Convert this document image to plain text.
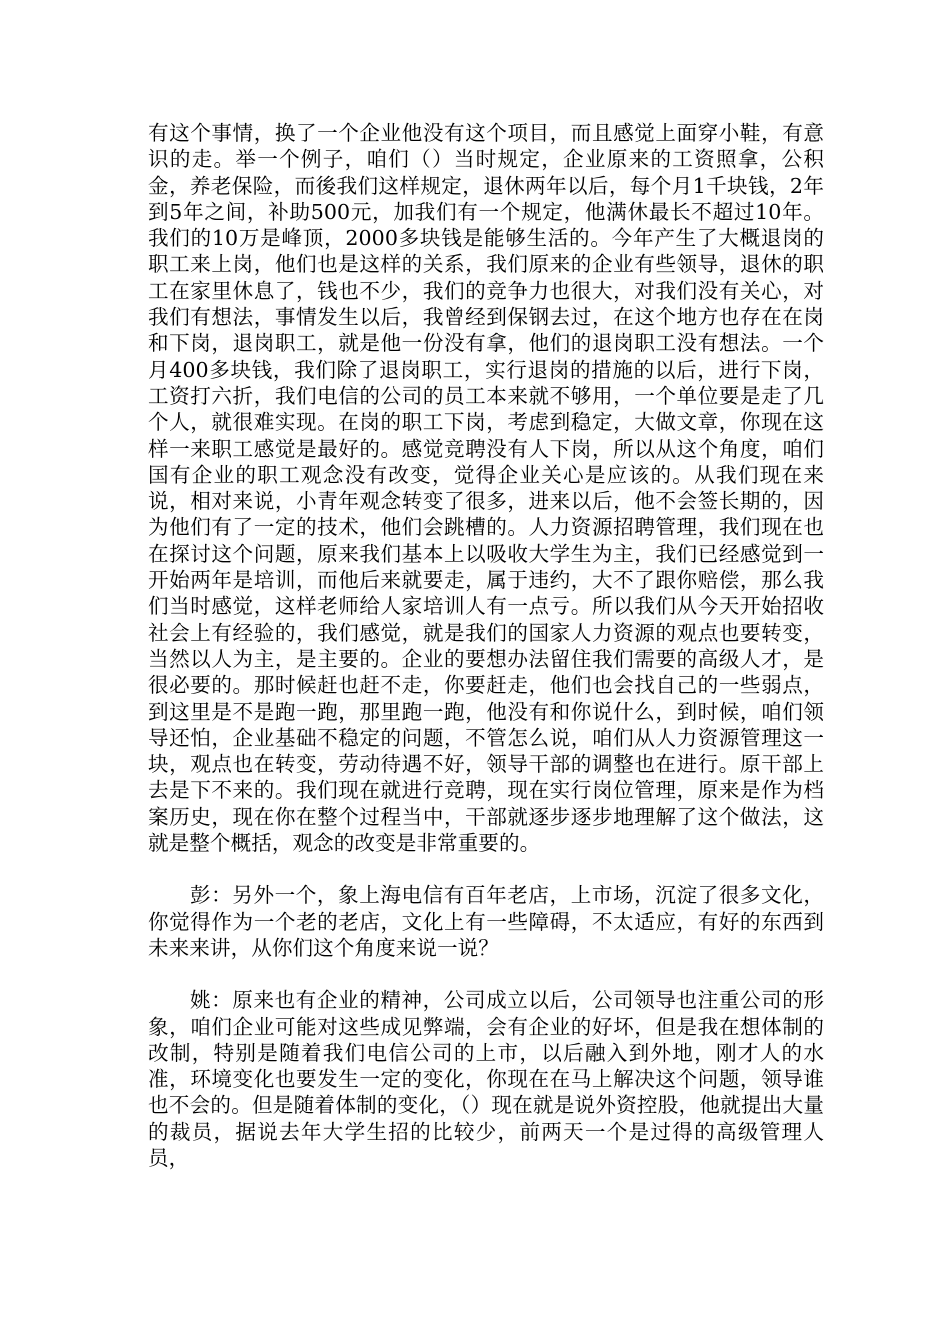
有这个事情，换了一个企业他没有这个项目，而且感觉上面穿小鞋，有意识的走。举一个例子，咱们（）当时规定，企业原来的工资照拿，公积金，养老保险，而後我们这样规定，退休两年以后，每个月1千块钱，2年到5年之间，补助500元，加我们有一个规定，他满休最长不超过10年。我们的10万是峰顶，2000多块钱是能够生活的。今年产生了大概退岗的职工来上岗，他们也是这样的关系，我们原来的企业有些领导，退休的职工在家里休息了，钱也不少，我们的竞争力也很大，对我们没有关心，对我们有想法，事情发生以后，我曾经到保钢去过，在这个地方也存在在岗和下岗，退岗职工，就是他一份没有拿，他们的退岗职工没有想法。一个月400多块钱，我们除了退岗职工，实行退岗的措施的以后，进行下岗，工资打六折，我们电信的公司的员工本来就不够用，一个单位要是走了几个人，就很难实现。在岗的职工下岗，考虑到稳定，大做文章，你现在这样一来职工感觉是最好的。感觉竞聘没有人下岗，所以从这个角度，咱们国有企业的职工观念没有改变，觉得企业关心是应该的。从我们现在来说，相对来说，小青年观念转变了很多，进来以后，他不会签长期的，因为他们有了一定的技术，他们会跳槽的。人力资源招聘管理，我们现在也在探讨这个问题，原来我们基本上以吸收大学生为主，我们已经感觉到一开始两年是培训，而他后来就要走，属于违约，大不了跟你赔偿，那么我们当时感觉，这样老师给人家培训人有一点亏。所以我们从今天开始招收社会上有经验的，我们感觉，就是我们的国家人力资源的观点也要转变，当然以人为主，是主要的。企业的要想办法留住我们需要的高级人才，是很必要的。那时候赶也赶不走，你要赶走，他们也会找自己的一些弱点，到这里是不是跑一跑，那里跑一跑，他没有和你说什么，到时候，咱们领导还怕，企业基础不稳定的问题，不管怎么说，咱们从人力资源管理这一块，观点也在转变，劳动待遇不好，领导干部的调整也在进行。原干部上去是下不来的。我们现在就进行竞聘，现在实行岗位管理，原来是作为档案历史，现在你在整个过程当中，干部就逐步逐步地理解了这个做法，这就是整个概括，观念的改变是非常重要的。

彭：另外一个，象上海电信有百年老店，上市场，沉淀了很多文化，你觉得作为一个老的老店，文化上有一些障碍，不太适应，有好的东西到未来来讲，从你们这个角度来说一说？

姚：原来也有企业的精神，公司成立以后，公司领导也注重公司的形象，咱们企业可能对这些成见弊端，会有企业的好坏，但是我在想体制的改制，特别是随着我们电信公司的上市，以后融入到外地，刚才人的水准，环境变化也要发生一定的变化，你现在在马上解决这个问题，领导谁也不会的。但是随着体制的变化，（）现在就是说外资控股，他就提出大量的裁员，据说去年大学生招的比较少，前两天一个是过得的高级管理人员，
